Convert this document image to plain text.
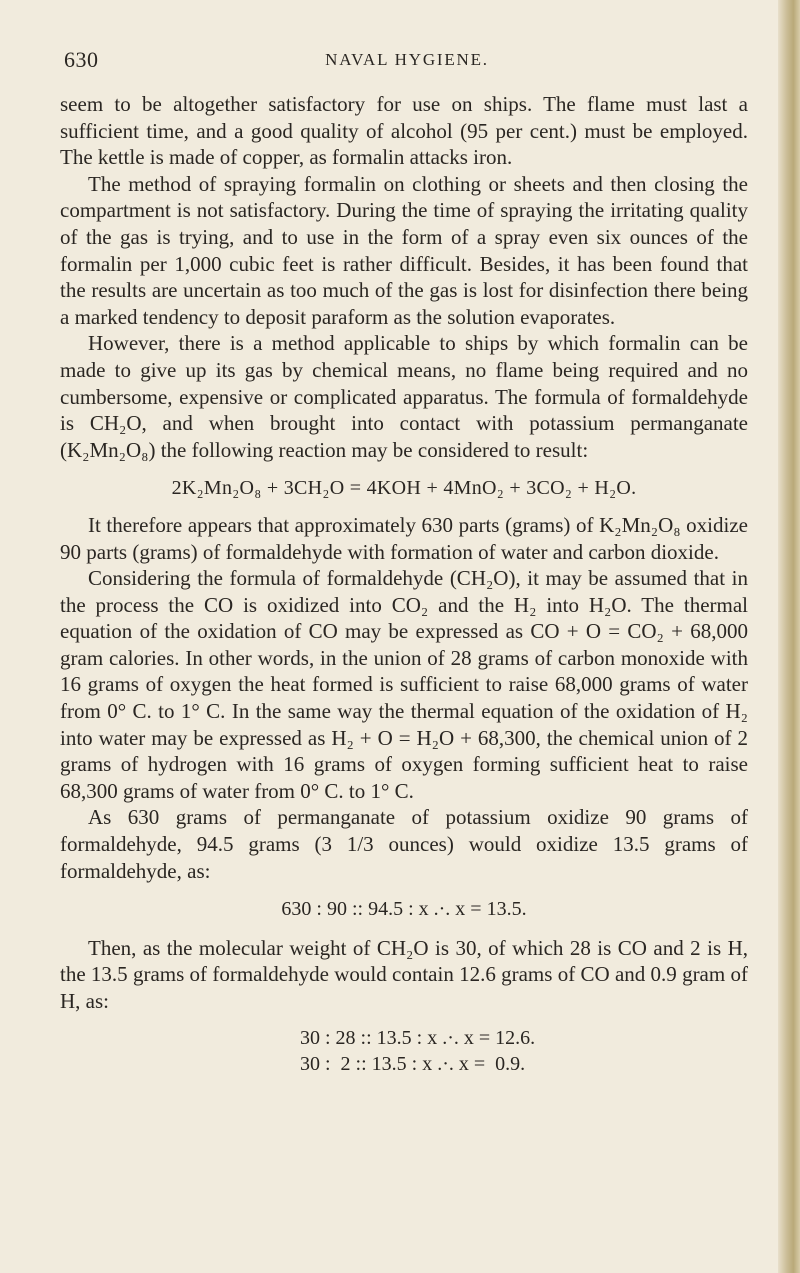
630	NAVAL HYGIENE.

seem to be altogether satisfactory for use on ships. The flame must last a sufficient time, and a good quality of alcohol (95 per cent.) must be employed. The kettle is made of copper, as formalin attacks iron.

The method of spraying formalin on clothing or sheets and then closing the compartment is not satisfactory. During the time of spraying the irritating quality of the gas is trying, and to use in the form of a spray even six ounces of the formalin per 1,000 cubic feet is rather difficult. Besides, it has been found that the results are uncertain as too much of the gas is lost for disinfection there being a marked tendency to deposit paraform as the solution evaporates.

However, there is a method applicable to ships by which formalin can be made to give up its gas by chemical means, no flame being required and no cumbersome, expensive or complicated apparatus. The formula of formaldehyde is CH₂O, and when brought into contact with potassium permanganate (K₂Mn₂O₈) the following reaction may be considered to result:

2K₂Mn₂O₈ + 3CH₂O = 4KOH + 4MnO₂ + 3CO₂ + H₂O.

It therefore appears that approximately 630 parts (grams) of K₂Mn₂O₈ oxidize 90 parts (grams) of formaldehyde with formation of water and carbon dioxide.

Considering the formula of formaldehyde (CH₂O), it may be assumed that in the process the CO is oxidized into CO₂ and the H₂ into H₂O. The thermal equation of the oxidation of CO may be expressed as CO + O = CO₂ + 68,000 gram calories. In other words, in the union of 28 grams of carbon monoxide with 16 grams of oxygen the heat formed is sufficient to raise 68,000 grams of water from 0° C. to 1° C. In the same way the thermal equation of the oxidation of H₂ into water may be expressed as H₂ + O = H₂O + 68,300, the chemical union of 2 grams of hydrogen with 16 grams of oxygen forming sufficient heat to raise 68,300 grams of water from 0° C. to 1° C.

As 630 grams of permanganate of potassium oxidize 90 grams of formaldehyde, 94.5 grams (3 1/3 ounces) would oxidize 13.5 grams of formaldehyde, as:

630 : 90 :: 94.5 : x .·. x = 13.5.

Then, as the molecular weight of CH₂O is 30, of which 28 is CO and 2 is H, the 13.5 grams of formaldehyde would contain 12.6 grams of CO and 0.9 gram of H, as:

30 : 28 :: 13.5 : x .·. x = 12.6.
30 :  2 :: 13.5 : x .·. x =  0.9.
